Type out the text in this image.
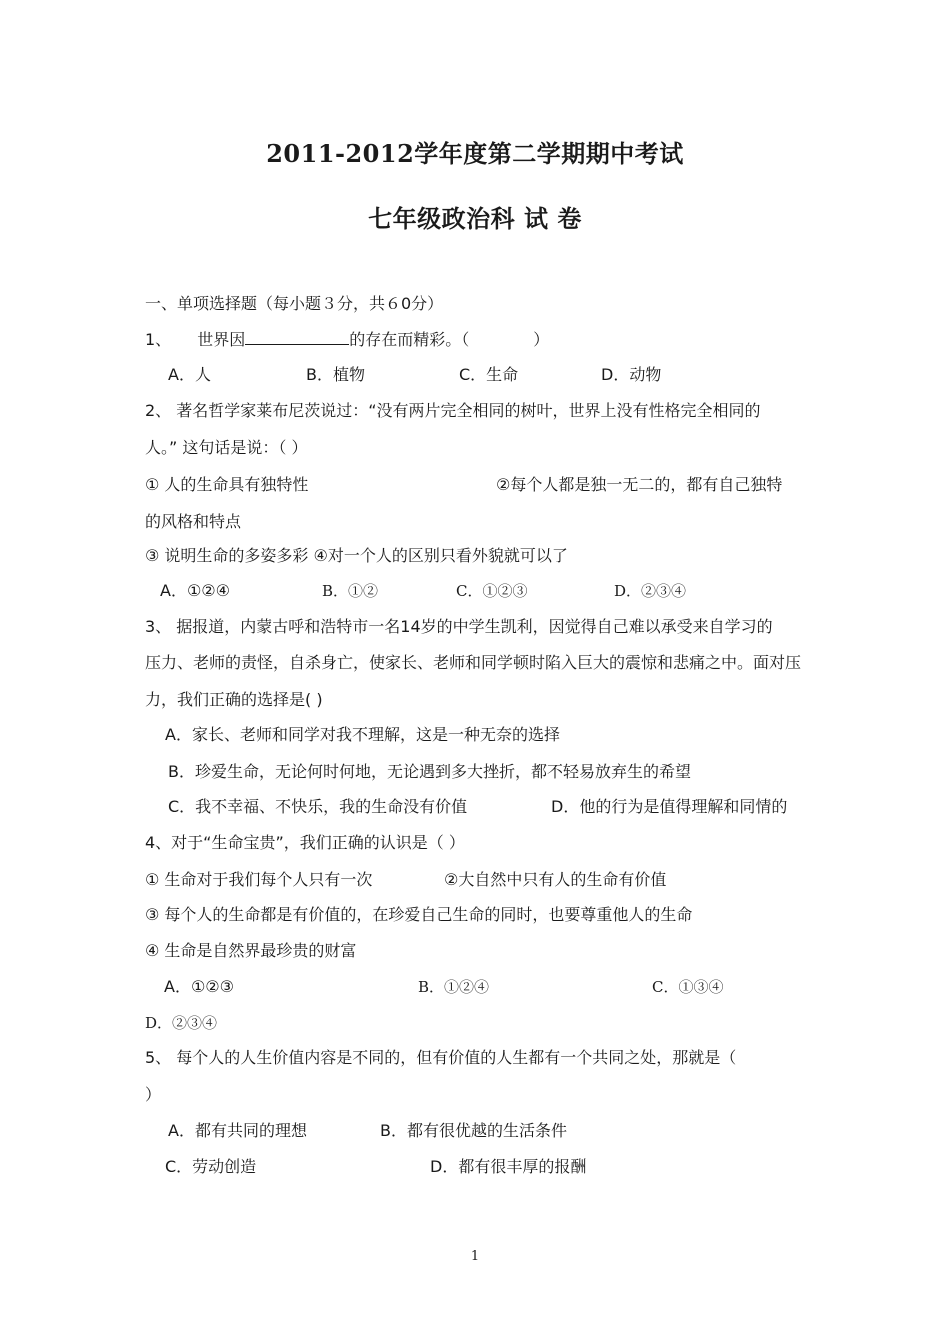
2011-2012学年度第二学期期中考试
七年级政治科 试 卷
一、单项选择题（每小题３分，共６0分）
1、 世界因	的存在而精彩。（	）
A．人	B．植物	C．生命	D．动物
2、 著名哲学家莱布尼茨说过：“没有两片完全相同的树叶，世界上没有性格完全相同的
人。” 这句话是说：（ ）
① 人的生命具有独特性	②每个人都是独一无二的，都有自己独特
的风格和特点
③ 说明生命的多姿多彩 ④对一个人的区别只看外貌就可以了
A．①②④	B．①②	C．①②③	D．②③④
3、 据报道，内蒙古呼和浩特市一名14岁的中学生凯利，因觉得自己难以承受来自学习的
压力、老师的责怪，自杀身亡，使家长、老师和同学顿时陷入巨大的震惊和悲痛之中。面对压
力，我们正确的选择是( )
A．家长、老师和同学对我不理解，这是一种无奈的选择
B．珍爱生命，无论何时何地，无论遇到多大挫折，都不轻易放弃生的希望
C．我不幸福、不快乐，我的生命没有价值	D．他的行为是值得理解和同情的
4、对于“生命宝贵”，我们正确的认识是（ ）
① 生命对于我们每个人只有一次	②大自然中只有人的生命有价值
③ 每个人的生命都是有价值的，在珍爱自己生命的同时，也要尊重他人的生命
④ 生命是自然界最珍贵的财富
A．①②③	B．①②④	C．①③④
D．②③④
5、 每个人的人生价值内容是不同的，但有价值的人生都有一个共同之处，那就是（
）
A．都有共同的理想	B．都有很优越的生活条件
C．劳动创造	D．都有很丰厚的报酬
1
